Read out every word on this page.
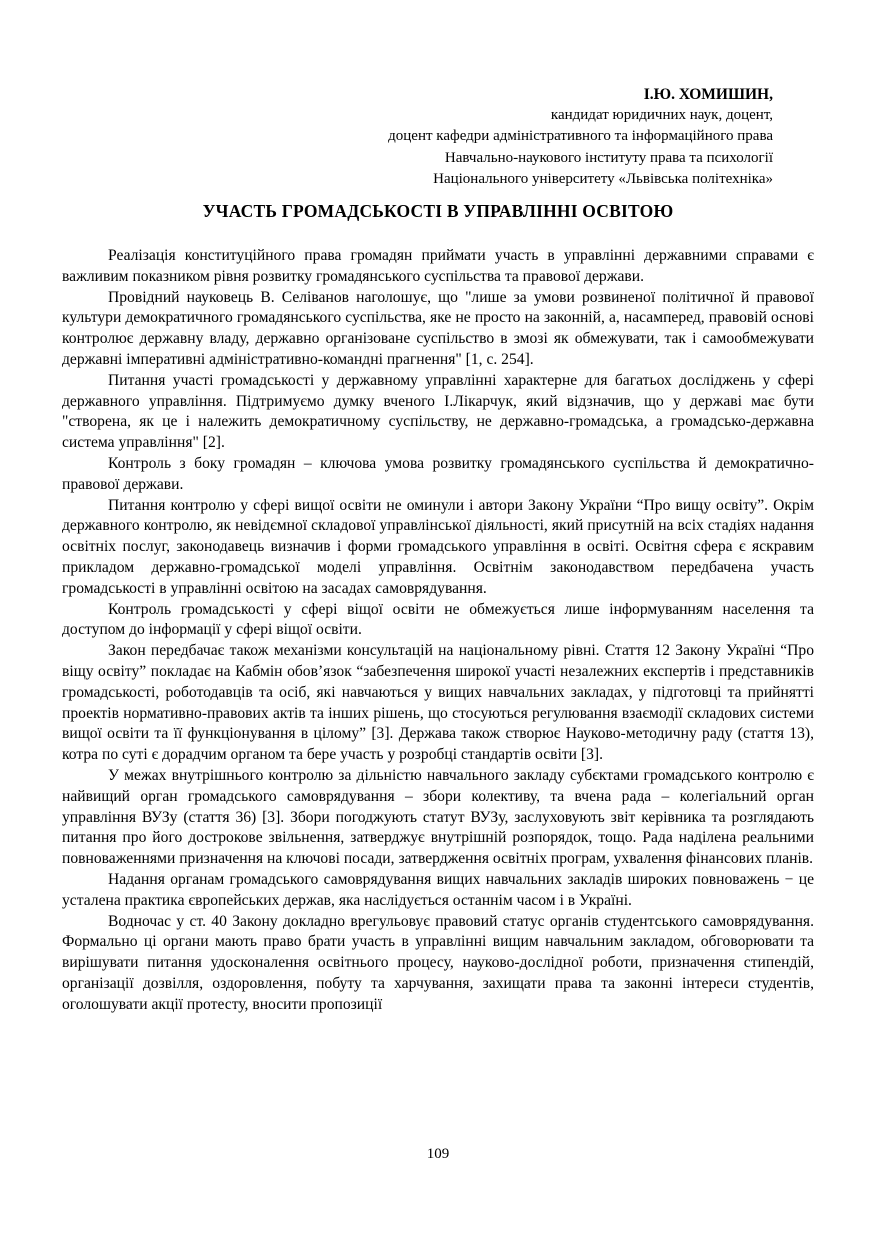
І.Ю. ХОМИШИН,
кандидат юридичних наук, доцент,
доцент кафедри адміністративного та інформаційного права
Навчально-наукового інституту права та психології
Національного університету «Львівська політехніка»
УЧАСТЬ ГРОМАДСЬКОСТІ В УПРАВЛІННІ ОСВІТОЮ

Реалізація конституційного права громадян приймати участь в управлінні державними справами є важливим показником рівня розвитку громадянського суспільства та правової держави.

Провідний науковець В. Селіванов наголошує, що "лише за умови розвиненої політичної й правової культури демократичного громадянського суспільства, яке не просто на законній, а, насамперед, правовій основі контролює державну владу, державно організоване суспільство в змозі як обмежувати, так і самообмежувати державні імперативні адміністративно-командні прагнення" [1, с. 254].

Питання участі громадськості у державному управлінні характерне для багатьох досліджень у сфері державного управління. Підтримуємо думку вченого І.Лікарчук, який відзначив, що у державі має бути "створена, як це і належить демократичному суспільству, не державно-громадська, а громадсько-державна система управління" [2].

Контроль з боку громадян – ключова умова розвитку громадянського суспільства й демократично-правової держави.

Питання контролю у сфері вищої освіти не оминули і автори Закону України “Про вищу освіту”. Окрім державного контролю, як невідємної складової управлінської діяльності, який присутній на всіх стадіях надання освітніх послуг, законодавець визначив і форми громадського управління в освіті. Освітня сфера є яскравим прикладом державно-громадської моделі управління. Освітнім законодавством передбачена участь громадськості в управлінні освітою на засадах самоврядування.

Контроль громадськості у сфері віщої освіти не обмежується лише інформуванням населення та доступом до інформації у сфері віщої освіти.

Закон передбачає також механізми консультацій на національному рівні. Стаття 12 Закону Україні “Про віщу освіту” покладає на Кабмін обов’язок “забезпечення широкої участі незалежних експертів і представників громадськості, роботодавців та осіб, які навчаються у вищих навчальних закладах, у підготовці та прийнятті проектів нормативно-правових актів та інших рішень, що стосуються регулювання взаємодії складових системи вищої освіти та її функціонування в цілому” [3]. Держава також створює Науково-методичну раду (стаття 13), котра по суті є дорадчим органом та бере участь у розробці стандартів освіти [3].

У межах внутрішнього контролю за дільністю навчального закладу субєктами громадського контролю є найвищий орган громадського самоврядування – збори колективу, та вчена рада – колегіальний орган управління ВУЗу (стаття 36) [3]. Збори погоджують статут ВУЗу, заслуховують звіт керівника та розглядають питання про його дострокове звільнення, затверджує внутрішній розпорядок, тощо. Рада наділена реальними повноваженнями призначення на ключові посади, затвердження освітніх програм, ухвалення фінансових планів.

Надання органам громадського самоврядування вищих навчальних закладів широких повноважень − це усталена практика європейських держав, яка наслідується останнім часом і в Україні.

Водночас у ст. 40 Закону докладно врегульовує правовий статус органів студентського самоврядування. Формально ці органи мають право брати участь в управлінні вищим навчальним закладом, обговорювати та вирішувати питання удосконалення освітнього процесу, науково-дослідної роботи, призначення стипендій, організації дозвілля, оздоровлення, побуту та харчування, захищати права та законні інтереси студентів, оголошувати акції протесту, вносити пропозиції

109
